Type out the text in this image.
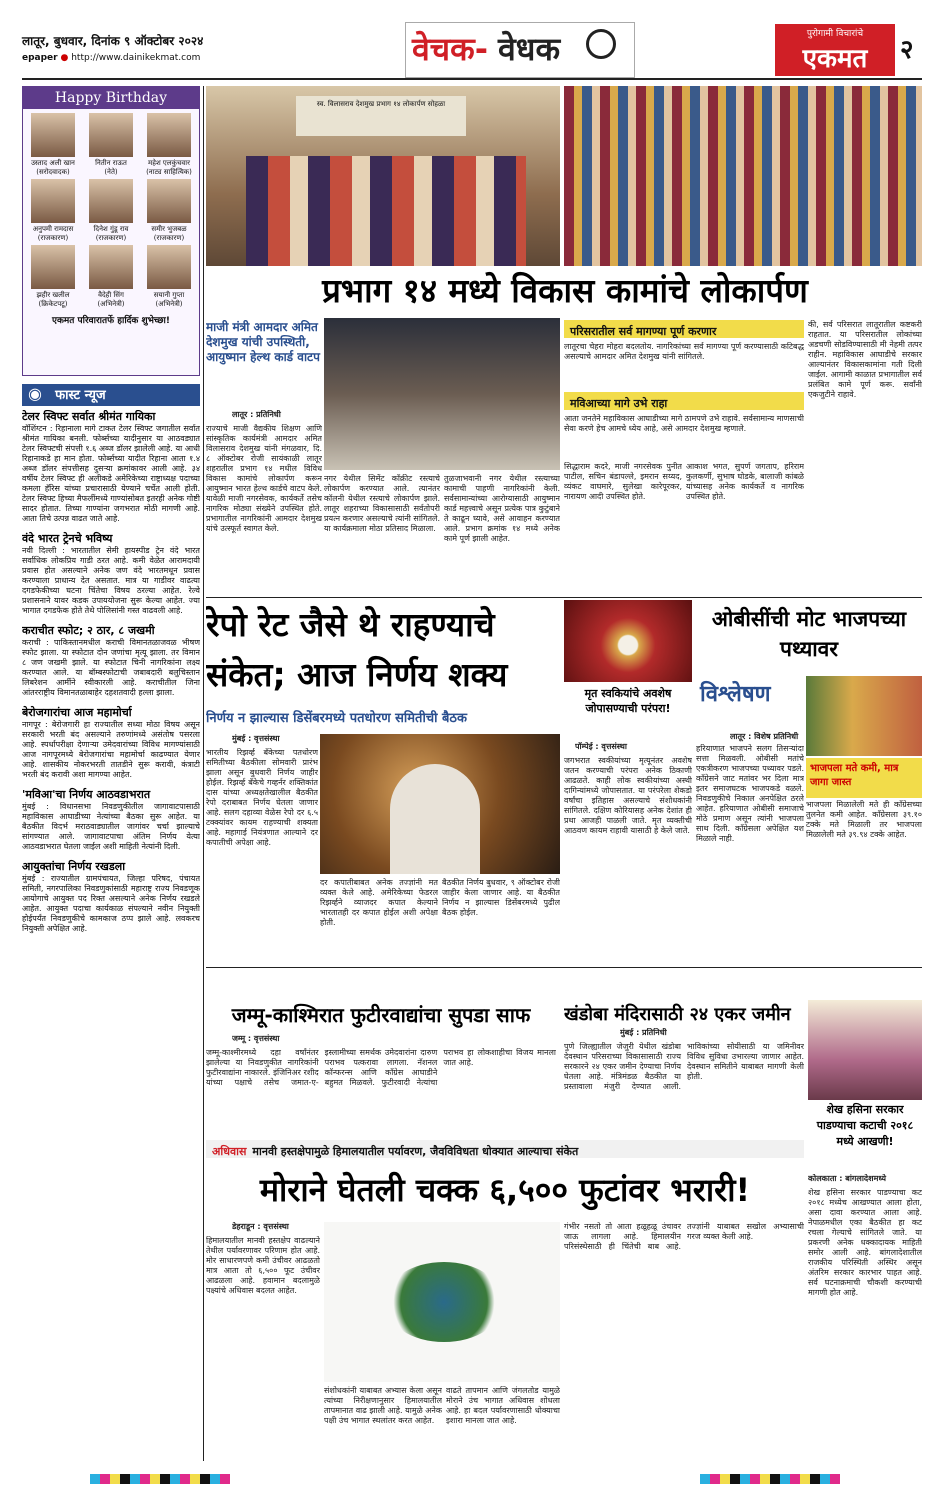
लातूर, बुधवार, दिनांक ९ ऑक्टोबर २०२४
epaper ● http://www.dainikekmat.com	वेचक- वेधक	पुरोगामी विचारांचे
एकमत	२
Happy Birthday
उस्ताद अली खान
(सरोदवादक)
नितीन राऊत
(नेते)
महेश एलकुंचवार
(नाट्य साहित्यिक)
अनुपमी रामदास
(राजकारण)
दिनेश गुंडू राव
(राजकारण)
समीर भुजबळ
(राजकारण)
झहीर खलील
(क्रिकेटपटू)
वैदेही सिंग
(अभिनेत्री)
सयानी गुप्ता
(अभिनेत्री)
एकमत परिवारातर्फे हार्दिक शुभेच्छा!
◉ फास्ट न्यूज
टेलर स्विफ्ट सर्वात श्रीमंत गायिका
वॉशिंग्टन : रिहानाला मागे टाकत टेलर स्विफ्ट जगातील सर्वात श्रीमंत गायिका बनली. फोर्ब्सच्या यादीनुसार या आठवड्यात टेलर स्विफ्टची संपत्ती १.६ अब्ज डॉलर झालेली आहे. या आधी रिहानाकडे हा मान होता. फोर्ब्सच्या यादीत रिहाना आता १.४ अब्ज डॉलर संपत्तीसह दुसऱ्या क्रमांकावर आली आहे. ३४ वर्षीय टेलर स्विफ्ट ही अलीकडे अमेरिकेच्या राष्ट्राध्यक्ष पदाच्या कमला हॅरिस यांच्या प्रचारासाठी येण्याने चर्चेत आली होती. टेलर स्विफ्ट हिच्या मैफलींमध्ये गाण्यांसोबत इतरही अनेक गोष्टी सादर होतात. तिच्या गाण्यांना जगभरात मोठी मागणी आहे. आता तिचे उत्पन्न वाढत जाते आहे.
वंदे भारत ट्रेनचे भविष्य
नवी दिल्ली : भारतातील सेमी हायस्पीड ट्रेन वंदे भारत सर्वाधिक लोकप्रिय गाडी ठरत आहे. कमी वेळेत आरामदायी प्रवास होत असल्याने अनेक जण वंदे भारतमधून प्रवास करण्याला प्राधान्य देत असतात. मात्र या गाडीवर वाढत्या दगडफेकीच्या घटना चिंतेचा विषय ठरल्या आहेत. रेल्वे प्रशासनाने यावर कडक उपाययोजना सुरू केल्या आहेत. ज्या भागात दगडफेक होते तेथे पोलिसांनी गस्त वाढवली आहे.
कराचीत स्फोट; २ ठार, ८ जखमी
कराची : पाकिस्तानमधील कराची विमानतळाजवळ भीषण स्फोट झाला. या स्फोटात दोन जणांचा मृत्यू झाला. तर विमान ८ जण जखमी झाले. या स्फोटात चिनी नागरिकांना लक्ष्य करण्यात आले. या बॉम्बस्फोटाची जबाबदारी बलुचिस्तान लिबरेशन आर्मीने स्वीकारली आहे. कराचीतील जिना आंतरराष्ट्रीय विमानतळाबाहेर दहशतवादी हल्ला झाला.
बेरोजगारांचा आज महामोर्चा
नागपूर : बेरोजगारी हा राज्यातील सध्या मोठा विषय असून सरकारी भरती बंद असल्याने तरुणांमध्ये असंतोष पसरला आहे. स्पर्धापरीक्षा देणाऱ्या उमेदवारांच्या विविध मागण्यांसाठी आज नागपूरमध्ये बेरोजगारांचा महामोर्चा काढण्यात येणार आहे. शासकीय नोकरभरती तातडीने सुरू करावी, कंत्राटी भरती बंद करावी अशा मागण्या आहेत.
'मविआ'चा निर्णय आठवडाभरात
मुंबई : विधानसभा निवडणुकीतील जागावाटपासाठी महाविकास आघाडीच्या नेत्यांच्या बैठका सुरू आहेत. या बैठकीत विदर्भ मराठवाड्यातील जागांवर चर्चा झाल्याचे सांगण्यात आले. जागावाटपाचा अंतिम निर्णय येत्या आठवडाभरात घेतला जाईल अशी माहिती नेत्यांनी दिली.
आयुक्तांचा निर्णय रखडला
मुंबई : राज्यातील ग्रामपंचायत, जिल्हा परिषद, पंचायत समिती, नगरपालिका निवडणुकांसाठी महाराष्ट्र राज्य निवडणूक आयोगाचे आयुक्त पद रिक्त असल्याने अनेक निर्णय रखडले आहेत. आयुक्त पदाचा कार्यकाळ संपल्याने नवीन नियुक्ती होईपर्यंत निवडणुकीचे कामकाज ठप्प झाले आहे. लवकरच नियुक्ती अपेक्षित आहे.
स्व. विलासराव देशमुख प्रभाग १४ लोकार्पण सोहळा
प्रभाग १४ मध्ये विकास कामांचे लोकार्पण
माजी मंत्री आमदार अमित देशमुख यांची उपस्थिती, आयुष्मान हेल्थ कार्ड वाटप
लातूर : प्रतिनिधी
राज्याचे माजी वैद्यकीय शिक्षण आणि सांस्कृतिक कार्यमंत्री आमदार अमित विलासराव देशमुख यांनी मंगळवार, दि. ८ ऑक्टोबर रोजी सायंकाळी लातूर शहरातील प्रभाग १४ मधील विविध विकास कामांचे लोकार्पण करून आयुष्मान भारत हेल्थ कार्डचे वाटप केले. यावेळी माजी नगरसेवक, कार्यकर्ते तसेच नागरिक मोठ्या संख्येने उपस्थित होते. प्रभागातील नागरिकांनी आमदार देशमुख यांचे उत्स्फूर्त स्वागत केले.
नगर येथील सिमेंट काँक्रीट रस्त्याचे लोकार्पण करण्यात आले. त्यानंतर कॉलनी येथील रस्त्याचे लोकार्पण झाले. लातूर शहराच्या विकासासाठी सर्वतोपरी प्रयत्न करणार असल्याचे त्यांनी सांगितले. या कार्यक्रमाला मोठा प्रतिसाद मिळाला.
तुळजाभवानी नगर येथील रस्त्याच्या कामाची पाहणी नागरिकांनी केली. सर्वसामान्यांच्या आरोग्यासाठी आयुष्मान कार्ड महत्त्वाचे असून प्रत्येक पात्र कुटुंबाने ते काढून घ्यावे, असे आवाहन करण्यात आले. प्रभाग क्रमांक १४ मध्ये अनेक कामे पूर्ण झाली आहेत.
परिसरातील सर्व मागण्या पूर्ण करणार
लातूरचा चेहरा मोहरा बदलतोय. नागरिकांच्या सर्व मागण्या पूर्ण करण्यासाठी कटिबद्ध असल्याचे आमदार अमित देशमुख यांनी सांगितले.
मविआच्या मागे उभे राहा
आता जनतेने महाविकास आघाडीच्या मागे ठामपणे उभे राहावे. सर्वसामान्य माणसाची सेवा करणे हेच आमचे ध्येय आहे, असे आमदार देशमुख म्हणाले.
सिद्धाराम कदरे, माजी नगरसेवक पुनीत पाटील, सचिन बंडापल्ले, इमरान सय्यद, व्यंकट वाघमारे, सुलेखा कारेपूरकर, नारायण आदी उपस्थित होते.
आकाश भगत, सुपर्ण जगताप, हरिराम कुलकर्णी, सुभाष घोडके, बालाजी कांबळे यांच्यासह अनेक कार्यकर्ते व नागरिक उपस्थित होते.
की, सर्व परिसरात लातूरातील कष्टकरी राहतात. या परिसरातील लोकांच्या अडचणी सोडविण्यासाठी मी नेहमी तत्पर राहीन. महाविकास आघाडीचे सरकार आल्यानंतर विकासकामांना गती दिली जाईल. आगामी काळात प्रभागातील सर्व प्रलंबित कामे पूर्ण करू. सर्वांनी एकजुटीने राहावे.
रेपो रेट जैसे थे राहण्याचे संकेत; आज निर्णय शक्य
निर्णय न झाल्यास डिसेंबरमध्ये पतधोरण समितीची बैठक
मुंबई : वृत्तसंस्था
भारतीय रिझर्व्ह बँकेच्या पतधोरण समितीच्या बैठकीला सोमवारी प्रारंभ झाला असून बुधवारी निर्णय जाहीर होईल. रिझर्व्ह बँकेचे गव्हर्नर शक्तिकांत दास यांच्या अध्यक्षतेखालील बैठकीत रेपो दराबाबत निर्णय घेतला जाणार आहे. सलग दहाव्या वेळेस रेपो दर ६.५ टक्क्यांवर कायम राहण्याची शक्यता आहे. महागाई नियंत्रणात आल्याने दर कपातीची अपेक्षा आहे.
दर कपातीबाबत अनेक तज्ज्ञांनी मत व्यक्त केले आहे. अमेरिकेच्या फेडरल रिझर्व्हने व्याजदर कपात केल्याने भारतातही दर कपात होईल अशी अपेक्षा होती.
बैठकीत निर्णय बुधवार, ९ ऑक्टोबर रोजी जाहीर केला जाणार आहे. या बैठकीत निर्णय न झाल्यास डिसेंबरमध्ये पुढील बैठक होईल.
मृत स्वकियांचे अवशेष जोपासण्याची परंपरा!
पॉम्पेई : वृत्तसंस्था
जगभरात स्वकीयांच्या मृत्यूनंतर अवशेष जतन करण्याची परंपरा अनेक ठिकाणी आढळते. काही लोक स्वकीयांच्या अस्थी दागिन्यांमध्ये जोपासतात. या परंपरेला शेकडो वर्षांचा इतिहास असल्याचे संशोधकांनी सांगितले. दक्षिण कोरियासह अनेक देशांत ही प्रथा आजही पाळली जाते. मृत व्यक्तीची आठवण कायम राहावी यासाठी हे केले जाते.
ओबीसींची मोट भाजपच्या पथ्यावर
विश्लेषण
भाजपला मते कमी, मात्र जागा जास्त
भाजपला मिळालेली मते ही काँग्रेसच्या तुलनेत कमी आहेत. काँग्रेसला ३९.१० टक्के मते मिळाली तर भाजपला मिळालेली मते ३९.९४ टक्के आहेत.
लातूर : विशेष प्रतिनिधी
हरियाणात भाजपने सलग तिसऱ्यांदा सत्ता मिळवली. ओबीसी मतांचे एकत्रीकरण भाजपच्या पथ्यावर पडले. काँग्रेसने जाट मतांवर भर दिला मात्र इतर समाजघटक भाजपकडे वळले. निवडणुकीचे निकाल अनपेक्षित ठरले आहेत. हरियाणात ओबीसी समाजाचे मोठे प्रमाण असून त्यांनी भाजपला साथ दिली. काँग्रेसला अपेक्षित यश मिळाले नाही.
जम्मू-काश्मिरात फुटीरवाद्यांचा सुपडा साफ
जम्मू : वृत्तसंस्था
जम्मू-काश्मीरमध्ये दहा वर्षांनंतर झालेल्या या निवडणुकीत नागरिकांनी फुटीरवाद्यांना नाकारले. इंजिनिअर रशीद यांच्या पक्षाचे तसेच जमात-ए-इस्लामीच्या समर्थक उमेदवारांना दारुण पराभव पत्करावा लागला. नॅशनल कॉन्फरन्स आणि काँग्रेस आघाडीने बहुमत मिळवले. फुटीरवादी नेत्यांचा पराभव हा लोकशाहीचा विजय मानला जात आहे.
खंडोबा मंदिरासाठी २४ एकर जमीन
मुंबई : प्रतिनिधी
पुणे जिल्ह्यातील जेजुरी येथील खंडोबा देवस्थान परिसराच्या विकासासाठी राज्य सरकारने २४ एकर जमीन देण्याचा निर्णय घेतला आहे. मंत्रिमंडळ बैठकीत या प्रस्तावाला मंजुरी देण्यात आली. भाविकांच्या सोयीसाठी या जमिनीवर विविध सुविधा उभारल्या जाणार आहेत. देवस्थान समितीने याबाबत मागणी केली होती.
शेख हसिना सरकार पाडण्याचा कटाची २०१८ मध्ये आखणी!
कोलकाता : बांगलादेशमध्ये
शेख हसिना सरकार पाडण्याचा कट २०१८ मध्येच आखण्यात आला होता, असा दावा करण्यात आला आहे. नेपाळमधील एका बैठकीत हा कट रचला गेल्याचे सांगितले जाते. या प्रकरणी अनेक धक्कादायक माहिती समोर आली आहे. बांगलादेशातील राजकीय परिस्थिती अस्थिर असून अंतरिम सरकार कारभार पाहत आहे. सर्व घटनाक्रमाची चौकशी करण्याची मागणी होत आहे.
अधिवास मानवी हस्तक्षेपामुळे हिमालयातील पर्यावरण, जैवविविधता धोक्यात आल्याचा संकेत
मोराने घेतली चक्क ६,५०० फुटांवर भरारी!
डेहराडून : वृत्तसंस्था
हिमालयातील मानवी हस्तक्षेप वाढल्याने तेथील पर्यावरणावर परिणाम होत आहे. मोर साधारणपणे कमी उंचीवर आढळतो मात्र आता तो ६,५०० फूट उंचीवर आढळला आहे. हवामान बदलामुळे पक्ष्यांचे अधिवास बदलत आहेत.
संशोधकांनी याबाबत अभ्यास केला असून त्यांच्या निरीक्षणानुसार हिमालयातील तापमानात वाढ झाली आहे. यामुळे अनेक पक्षी उंच भागात स्थलांतर करत आहेत.
वाढते तापमान आणि जंगलतोड यामुळे मोराने उंच भागात अधिवास शोधला आहे. हा बदल पर्यावरणासाठी धोक्याचा इशारा मानला जात आहे.
गंभीर नसतो तो आता हळूहळू उंचावर जाऊ लागला आहे. हिमालयीन परिसंस्थेसाठी ही चिंतेची बाब आहे. तज्ज्ञांनी याबाबत सखोल अभ्यासाची गरज व्यक्त केली आहे.
